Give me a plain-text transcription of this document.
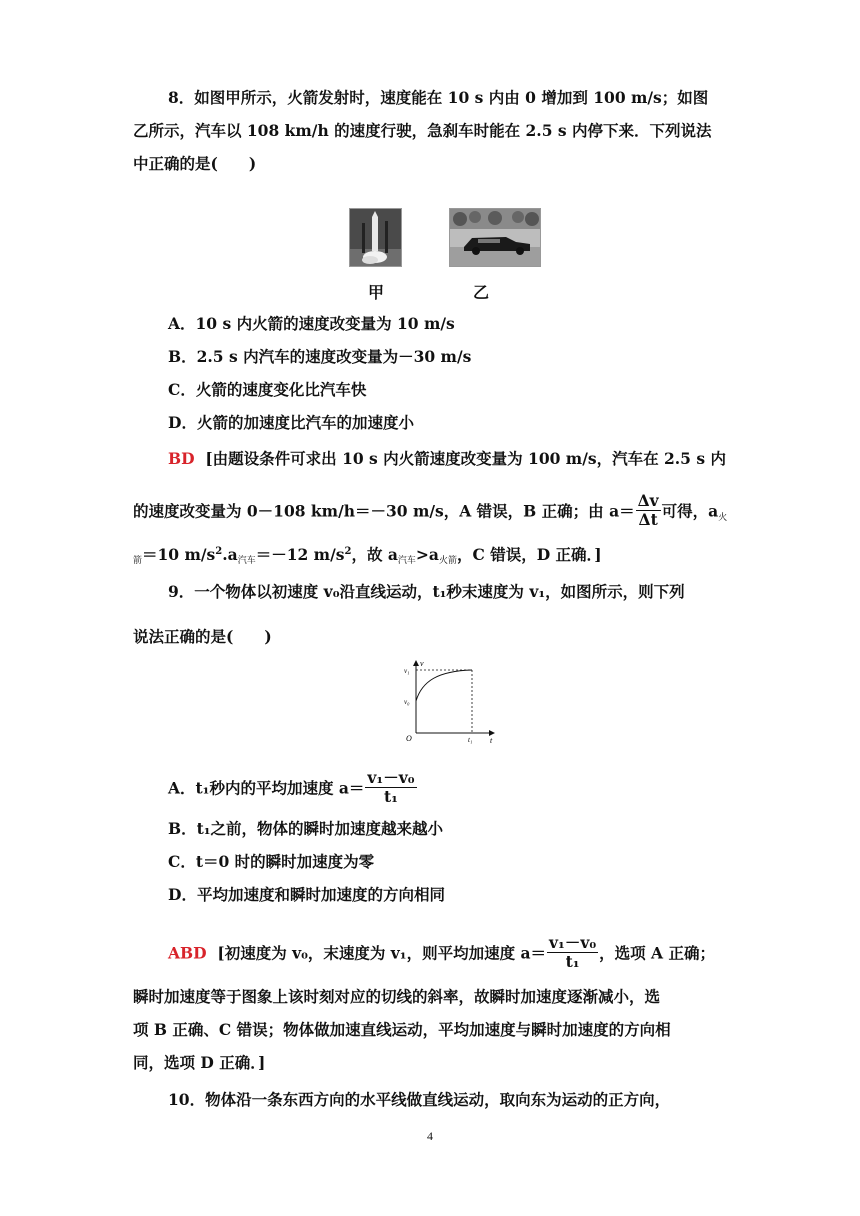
8．如图甲所示，火箭发射时，速度能在 10 s 内由 0 增加到 100 m/s；如图
乙所示，汽车以 108 km/h 的速度行驶，急刹车时能在 2.5 s 内停下来．下列说法
中正确的是(　　)
甲	乙
A．10 s 内火箭的速度改变量为 10 m/s
B．2.5 s 内汽车的速度改变量为－30 m/s
C．火箭的速度变化比汽车快
D．火箭的加速度比汽车的加速度小
BD [由题设条件可求出 10 s 内火箭速度改变量为 100 m/s，汽车在 2.5 s 内
的速度改变量为 0－108 km/h＝－30 m/s，A 错误，B 正确；由 $a= \frac{\Delta v}{\Delta t}$ 可得，a火
箭＝10 $m/s^2.a$汽车＝－12 $m/s^2$，故 a汽车>a火箭，C 错误，D 正确．]
9．一个物体以初速度 v₀沿直线运动，t₁秒末速度为 v₁，如图所示，则下列
说法正确的是(　　)
v
t
O
v₁
v₀
t₁
A．t₁秒内的平均加速度 $a= \frac{\text{v₁－v₀}}{\text{t₁}}$
B．t₁之前，物体的瞬时加速度越来越小
C．t＝0 时的瞬时加速度为零
D．平均加速度和瞬时加速度的方向相同
ABD [初速度为 v₀，末速度为 v₁，则平均加速度 $a= \frac{\text{v₁－v₀}}{\text{t₁}}$ ，选项 A 正确；
瞬时加速度等于图象上该时刻对应的切线的斜率，故瞬时加速度逐渐减小，选
项 B 正确、C 错误；物体做加速直线运动，平均加速度与瞬时加速度的方向相
同，选项 D 正确．]
10．物体沿一条东西方向的水平线做直线运动，取向东为运动的正方向，
4
